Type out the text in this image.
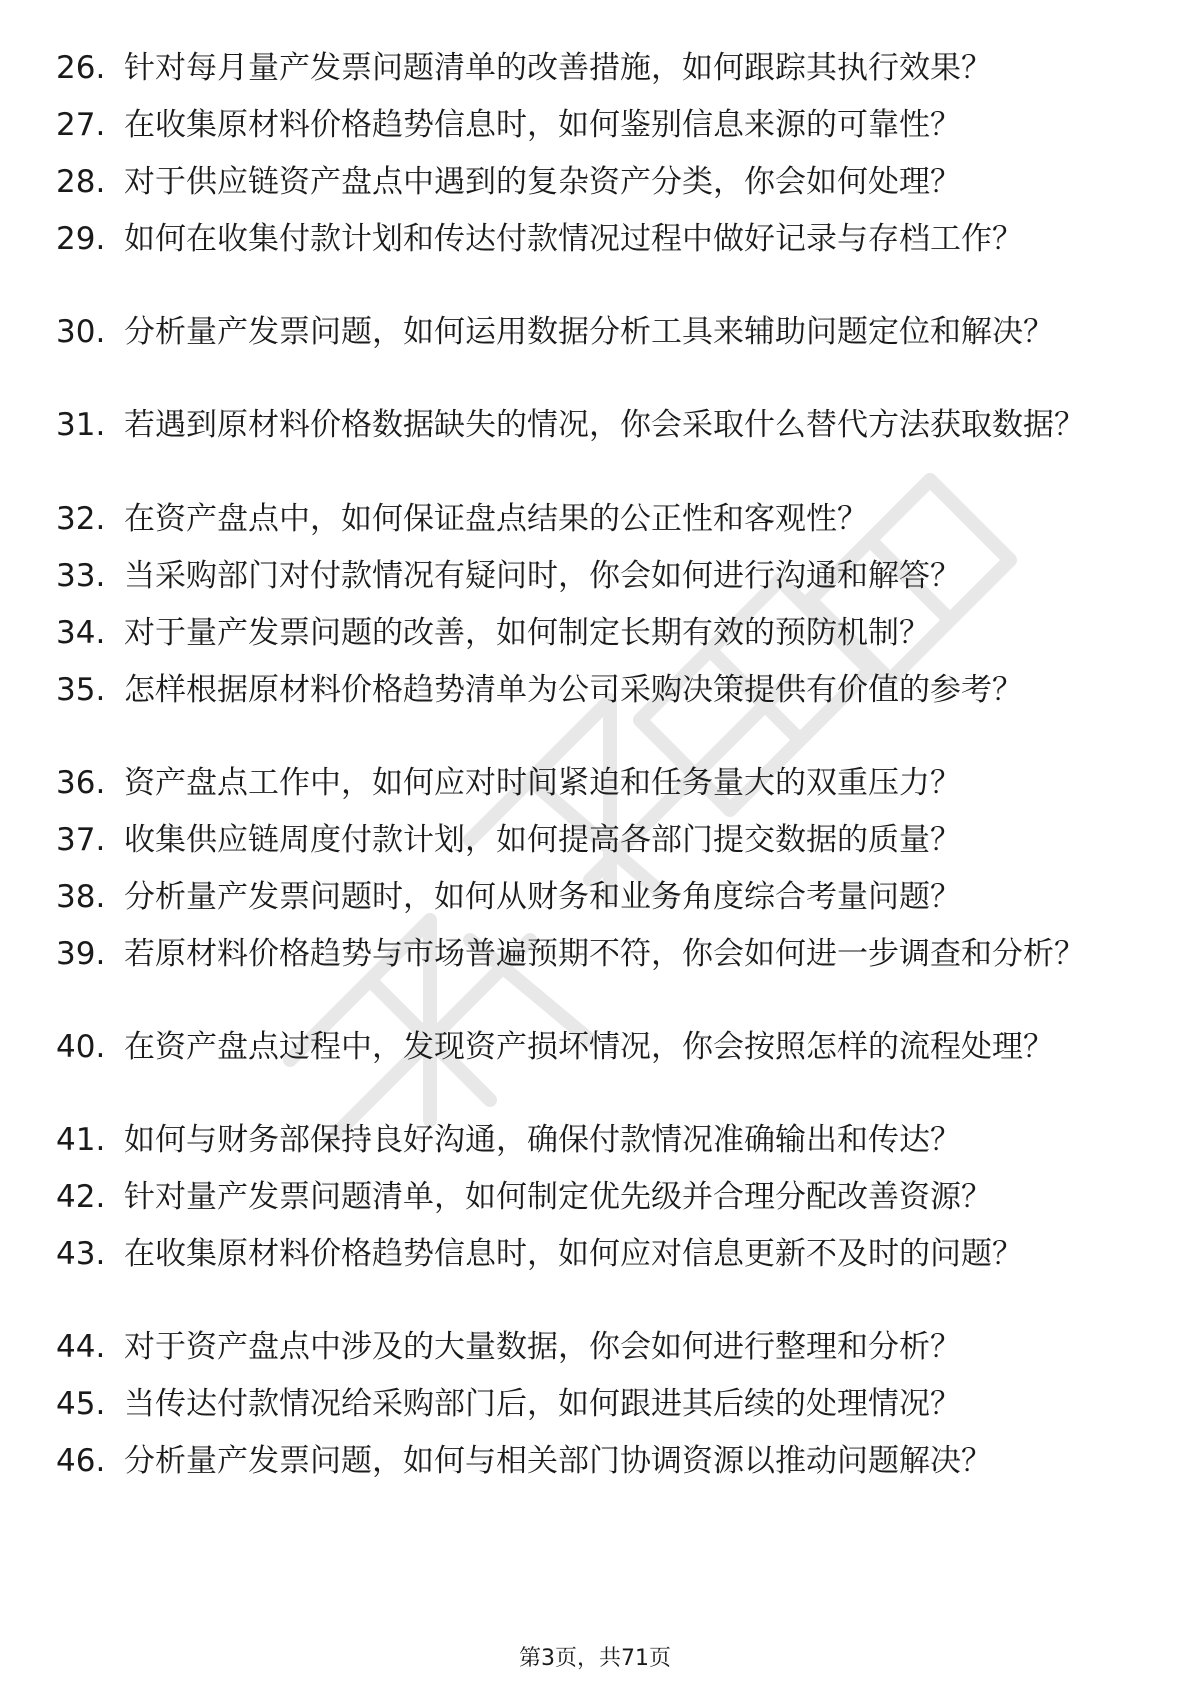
26. 针对每月量产发票问题清单的改善措施，如何跟踪其执行效果？
27. 在收集原材料价格趋势信息时，如何鉴别信息来源的可靠性？
28. 对于供应链资产盘点中遇到的复杂资产分类，你会如何处理？
29. 如何在收集付款计划和传达付款情况过程中做好记录与存档工作？
30. 分析量产发票问题，如何运用数据分析工具来辅助问题定位和解决？
31. 若遇到原材料价格数据缺失的情况，你会采取什么替代方法获取数据？
32. 在资产盘点中，如何保证盘点结果的公正性和客观性？
33. 当采购部门对付款情况有疑问时，你会如何进行沟通和解答？
34. 对于量产发票问题的改善，如何制定长期有效的预防机制？
35. 怎样根据原材料价格趋势清单为公司采购决策提供有价值的参考？
36. 资产盘点工作中，如何应对时间紧迫和任务量大的双重压力？
37. 收集供应链周度付款计划，如何提高各部门提交数据的质量？
38. 分析量产发票问题时，如何从财务和业务角度综合考量问题？
39. 若原材料价格趋势与市场普遍预期不符，你会如何进一步调查和分析？
40. 在资产盘点过程中，发现资产损坏情况，你会按照怎样的流程处理？
41. 如何与财务部保持良好沟通，确保付款情况准确输出和传达？
42. 针对量产发票问题清单，如何制定优先级并合理分配改善资源？
43. 在收集原材料价格趋势信息时，如何应对信息更新不及时的问题？
44. 对于资产盘点中涉及的大量数据，你会如何进行整理和分析？
45. 当传达付款情况给采购部门后，如何跟进其后续的处理情况？
46. 分析量产发票问题，如何与相关部门协调资源以推动问题解决？
第3页，共71页
